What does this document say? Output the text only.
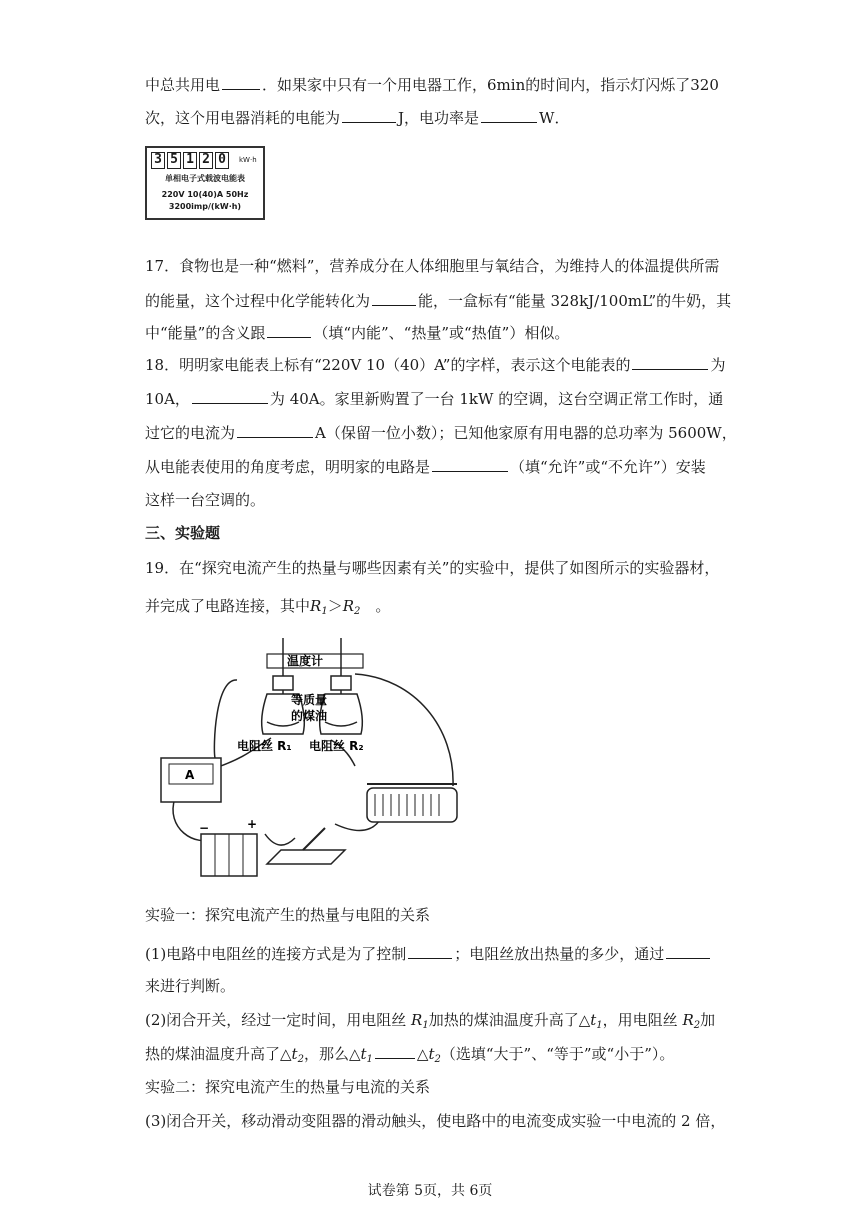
中总共用电	．如果家中只有一个用电器工作，6min的时间内，指示灯闪烁了320
次，这个用电器消耗的电能为	J，电功率是	W．
3 5 1 2 0	kW·h
单相电子式载波电能表
220V 10(40)A 50Hz
3200imp/(kW·h)
17．食物也是一种“燃料”，营养成分在人体细胞里与氧结合，为维持人的体温提供所需
的能量，这个过程中化学能转化为	能，一盒标有“能量 328kJ/100mL”的牛奶，其
中“能量”的含义跟	（填“内能”、“热量”或“热值”）相似。
18．明明家电能表上标有“220V 10（40）A”的字样，表示这个电能表的	为
10A，	为 40A。家里新购置了一台 1kW 的空调，这台空调正常工作时，通
过它的电流为	A（保留一位小数）；已知他家原有用电器的总功率为 5600W，
从电能表使用的角度考虑，明明家的电路是	（填“允许”或“不允许”）安装
这样一台空调的。
三、实验题
19．在“探究电流产生的热量与哪些因素有关”的实验中，提供了如图所示的实验器材，
并完成了电路连接，其中$R_1>R_2$　。
温度计
等质量
的煤油
电阻丝 R₁ 电阻丝 R₂
A
−	+
实验一：探究电流产生的热量与电阻的关系
(1)电路中电阻丝的连接方式是为了控制	；电阻丝放出热量的多少，通过
来进行判断。
(2)闭合开关，经过一定时间，用电阻丝 $R_1$加热的煤油温度升高了$\triangle t_1$，用电阻丝 $R_2$加
热的煤油温度升高了$\triangle t_2$，那么$\triangle t_1$	$\triangle t_2$（选填“大于”、“等于”或“小于”）。
实验二：探究电流产生的热量与电流的关系
(3)闭合开关，移动滑动变阻器的滑动触头，使电路中的电流变成实验一中电流的 2 倍，
试卷第 5页，共 6页
